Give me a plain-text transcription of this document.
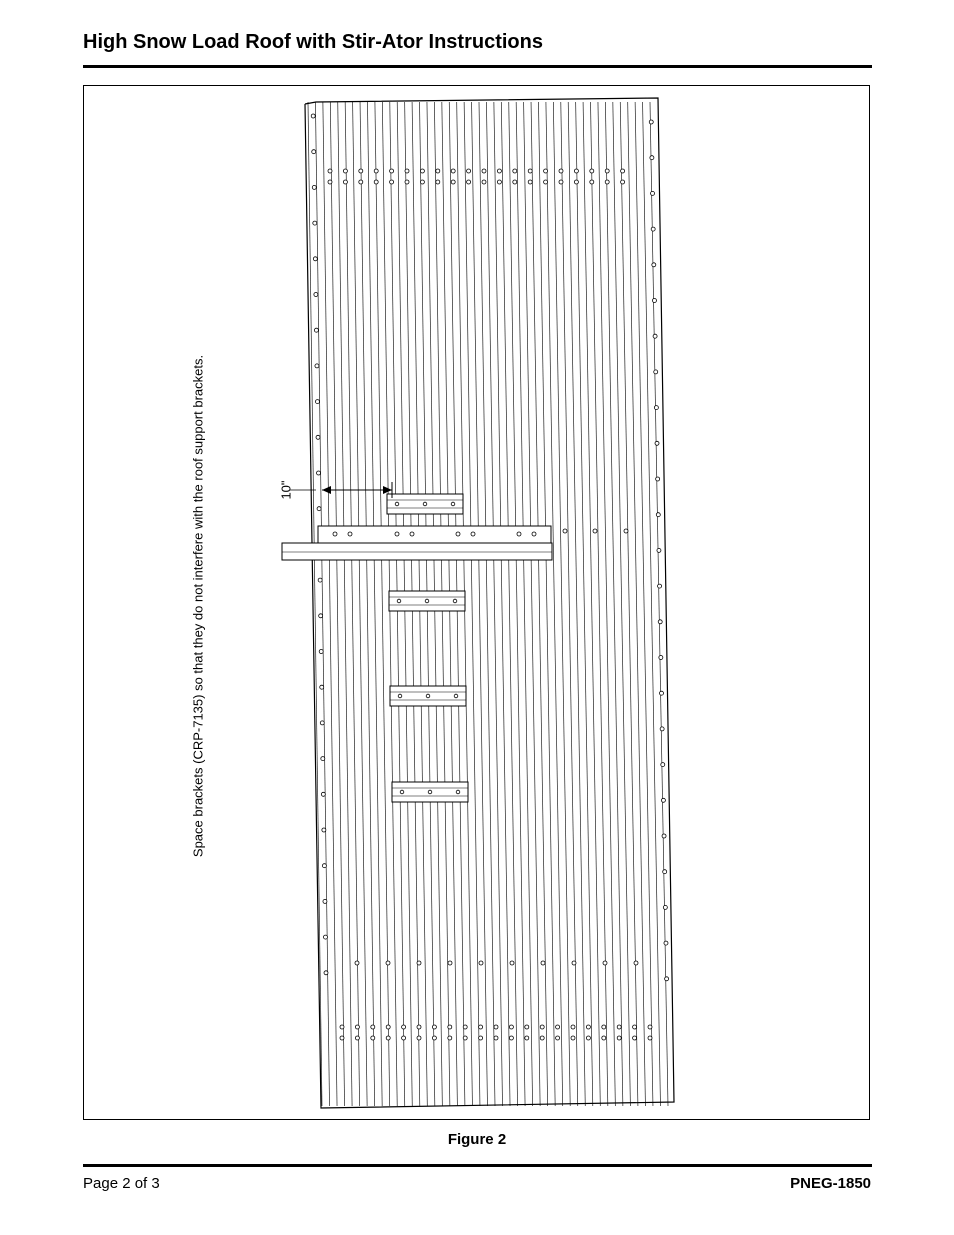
High Snow Load Roof with Stir-Ator Instructions
10"
Space brackets (CRP-7135) so that they do not interfere with the roof support brackets.
Figure 2
Page 2 of 3	PNEG-1850
